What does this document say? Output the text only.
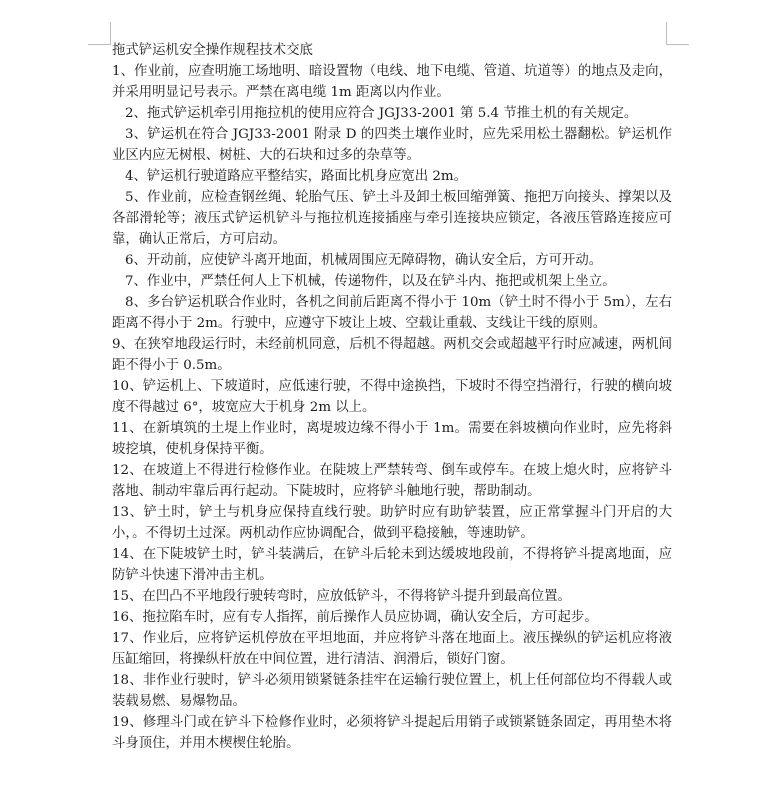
拖式铲运机安全操作规程技术交底

1、作业前，应查明施工场地明、暗设置物（电线、地下电缆、管道、坑道等）的地点及走向，并采用明显记号表示。严禁在离电缆 1m 距离以内作业。

2、拖式铲运机牵引用拖拉机的使用应符合 JGJ33-2001 第 5.4 节推土机的有关规定。

3、铲运机在符合 JGJ33-2001 附录 D 的四类土壤作业时，应先采用松土器翻松。铲运机作业区内应无树根、树桩、大的石块和过多的杂草等。

4、铲运机行驶道路应平整结实，路面比机身应宽出 2m。

5、作业前，应检查钢丝绳、轮胎气压、铲土斗及卸土板回缩弹簧、拖把万向接头、撑架以及各部滑轮等；液压式铲运机铲斗与拖拉机连接插座与牵引连接块应锁定，各液压管路连接应可靠，确认正常后，方可启动。

6、开动前，应使铲斗离开地面，机械周围应无障碍物，确认安全后，方可开动。

7、作业中，严禁任何人上下机械，传递物件，以及在铲斗内、拖把或机架上坐立。

8、多台铲运机联合作业时，各机之间前后距离不得小于 10m（铲土时不得小于 5m），左右距离不得小于 2m。行驶中，应遵守下坡让上坡、空载让重载、支线让干线的原则。

9、在狭窄地段运行时，未经前机同意，后机不得超越。两机交会或超越平行时应减速，两机间距不得小于 0.5m。

10、铲运机上、下坡道时，应低速行驶，不得中途换挡，下坡时不得空挡滑行，行驶的横向坡度不得越过 6°，坡宽应大于机身 2m 以上。

11、在新填筑的土堤上作业时，离堤坡边缘不得小于 1m。需要在斜坡横向作业时，应先将斜坡挖填，使机身保持平衡。

12、在坡道上不得进行检修作业。在陡坡上严禁转弯、倒车或停车。在坡上熄火时，应将铲斗落地、制动牢靠后再行起动。下陡坡时，应将铲斗触地行驶，帮助制动。

13、铲土时，铲土与机身应保持直线行驶。助铲时应有助铲装置，应正常掌握斗门开启的大小，。不得切土过深。两机动作应协调配合，做到平稳接触，等速助铲。

14、在下陡坡铲土时，铲斗装满后，在铲斗后轮未到达缓坡地段前，不得将铲斗提离地面，应防铲斗快速下滑冲击主机。

15、在凹凸不平地段行驶转弯时，应放低铲斗，不得将铲斗提升到最高位置。

16、拖拉陷车时，应有专人指挥，前后操作人员应协调，确认安全后，方可起步。

17、作业后，应将铲运机停放在平坦地面，并应将铲斗落在地面上。液压操纵的铲运机应将液压缸缩回，将操纵杆放在中间位置，进行清洁、润滑后，锁好门窗。

18、非作业行驶时，铲斗必须用锁紧链条挂牢在运输行驶位置上，机上任何部位均不得载人或装载易燃、易爆物品。

19、修理斗门或在铲斗下检修作业时，必须将铲斗提起后用销子或锁紧链条固定，再用垫木将斗身顶住，并用木楔楔住轮胎。
